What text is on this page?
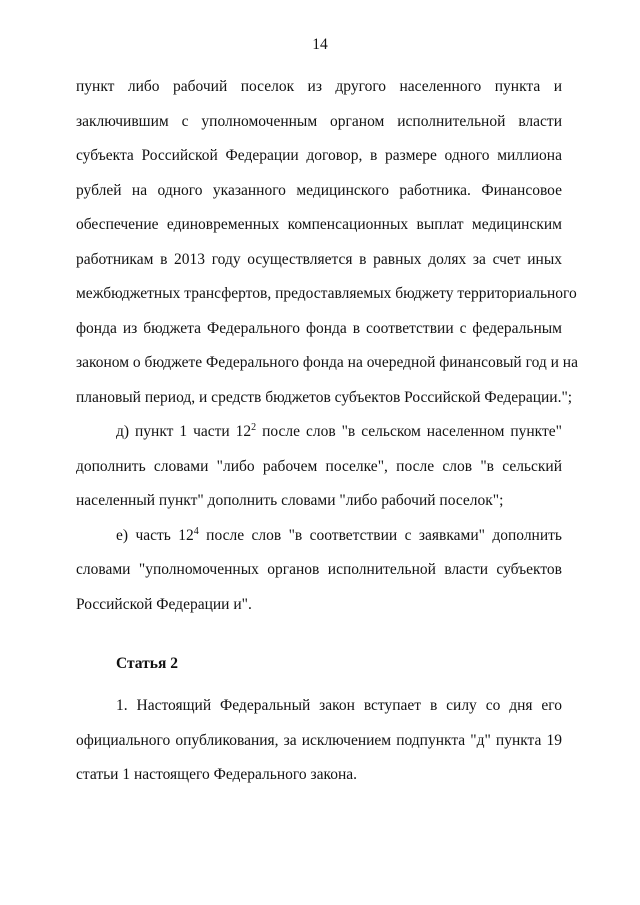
14
пункт либо рабочий поселок из другого населенного пункта и
заключившим с уполномоченным органом исполнительной власти
субъекта Российской Федерации договор, в размере одного миллиона
рублей на одного указанного медицинского работника. Финансовое
обеспечение единовременных компенсационных выплат медицинским
работникам в 2013 году осуществляется в равных долях за счет иных
межбюджетных трансфертов, предоставляемых бюджету территориального
фонда из бюджета Федерального фонда в соответствии с федеральным
законом о бюджете Федерального фонда на очередной финансовый год и на
плановый период, и средств бюджетов субъектов Российской Федерации.";
д) пункт 1 части $12^2$ после слов "в сельском населенном пункте"
дополнить словами "либо рабочем поселке", после слов "в сельский
населенный пункт" дополнить словами "либо рабочий поселок";
е) часть $12^4$ после слов "в соответствии с заявками" дополнить
словами "уполномоченных органов исполнительной власти субъектов
Российской Федерации и".
Статья 2
1. Настоящий Федеральный закон вступает в силу со дня его
официального опубликования, за исключением подпункта "д" пункта 19
статьи 1 настоящего Федерального закона.
